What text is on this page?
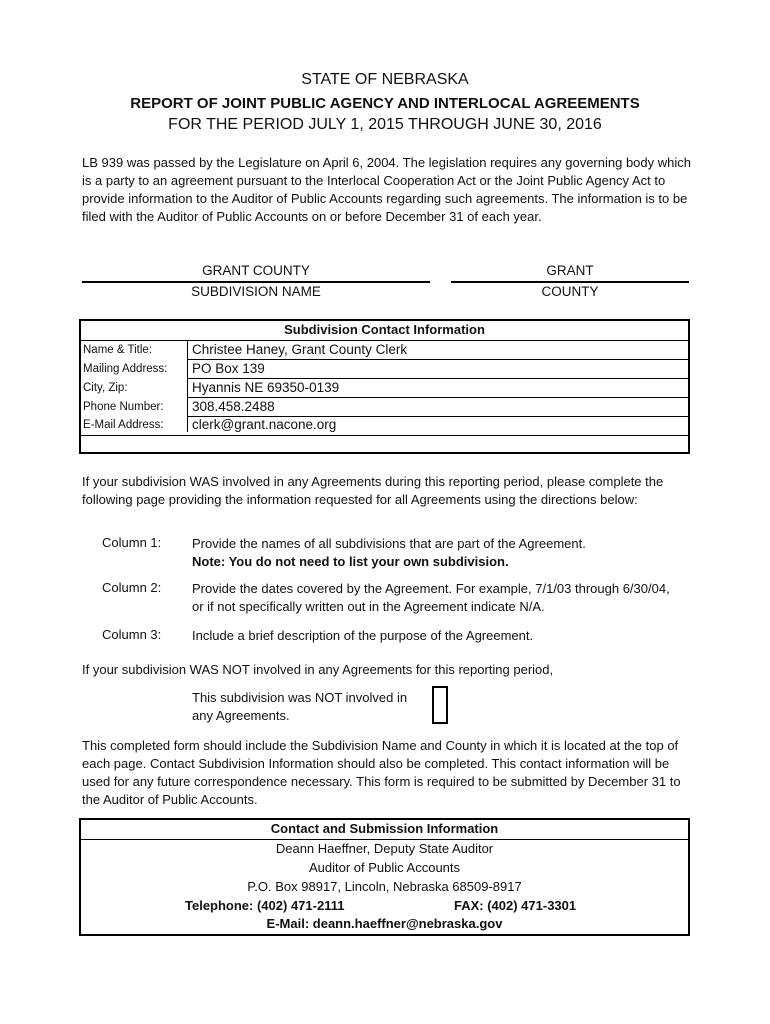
STATE OF NEBRASKA
REPORT OF JOINT PUBLIC AGENCY AND INTERLOCAL AGREEMENTS
FOR THE PERIOD JULY 1, 2015 THROUGH JUNE 30, 2016
LB 939 was passed by the Legislature on April 6, 2004. The legislation requires any governing body which is a party to an agreement pursuant to the Interlocal Cooperation Act or the Joint Public Agency Act to provide information to the Auditor of Public Accounts regarding such agreements. The information is to be filed with the Auditor of Public Accounts on or before December 31 of each year.
GRANT COUNTY
SUBDIVISION NAME
GRANT
COUNTY
Subdivision Contact Information
Name & Title:	Christee Haney, Grant County Clerk
Mailing Address: PO Box 139
City, Zip:	Hyannis NE 69350-0139
Phone Number: 308.458.2488
E-Mail Address: clerk@grant.nacone.org
If your subdivision WAS involved in any Agreements during this reporting period, please complete the following page providing the information requested for all Agreements using the directions below:
Column 1: Provide the names of all subdivisions that are part of the Agreement.
Note: You do not need to list your own subdivision.
Column 2: Provide the dates covered by the Agreement. For example, 7/1/03 through 6/30/04, or if not specifically written out in the Agreement indicate N/A.
Column 3: Include a brief description of the purpose of the Agreement.
If your subdivision WAS NOT involved in any Agreements for this reporting period,
This subdivision was NOT involved in any Agreements.
This completed form should include the Subdivision Name and County in which it is located at the top of each page. Contact Subdivision Information should also be completed. This contact information will be used for any future correspondence necessary. This form is required to be submitted by December 31 to the Auditor of Public Accounts.
Contact and Submission Information
Deann Haeffner, Deputy State Auditor
Auditor of Public Accounts
P.O. Box 98917, Lincoln, Nebraska 68509-8917
Telephone: (402) 471-2111	FAX: (402) 471-3301
E-Mail: deann.haeffner@nebraska.gov
